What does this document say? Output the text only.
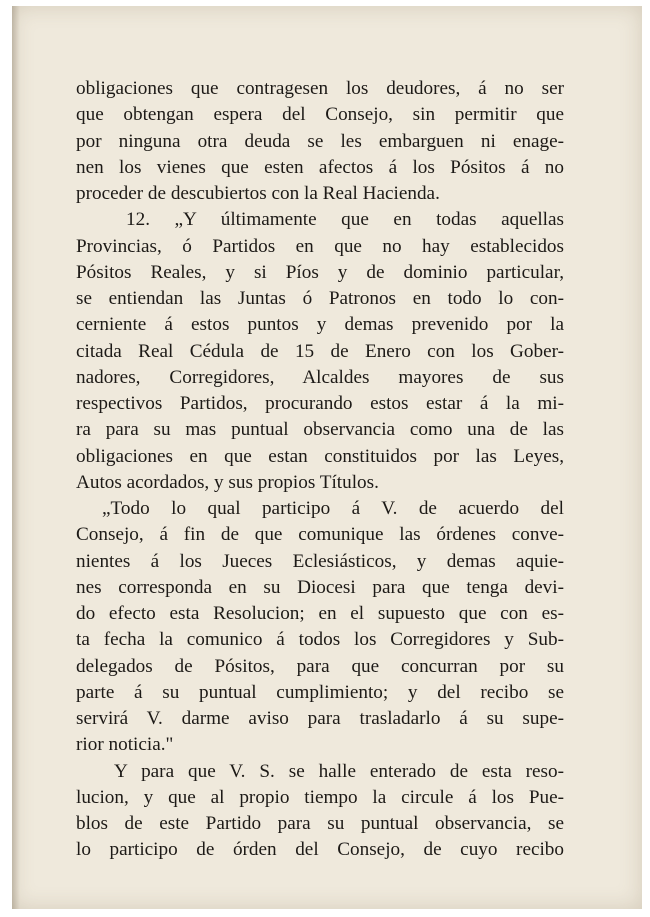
obligaciones que contragesen los deudores, á no ser
que obtengan espera del Consejo, sin permitir que
por ninguna otra deuda se les embarguen ni enage-
nen los vienes que esten afectos á los Pósitos á no
proceder de descubiertos con la Real Hacienda.
12. „Y últimamente que en todas aquellas
Provincias, ó Partidos en que no hay establecidos
Pósitos Reales, y si Píos y de dominio particular,
se entiendan las Juntas ó Patronos en todo lo con-
cerniente á estos puntos y demas prevenido por la
citada Real Cédula de 15 de Enero con los Gober-
nadores, Corregidores, Alcaldes mayores de sus
respectivos Partidos, procurando estos estar á la mi-
ra para su mas puntual observancia como una de las
obligaciones en que estan constituidos por las Leyes,
Autos acordados, y sus propios Títulos.
„Todo lo qual participo á V. de acuerdo del
Consejo, á fin de que comunique las órdenes conve-
nientes á los Jueces Eclesiásticos, y demas aquie-
nes corresponda en su Diocesi para que tenga devi-
do efecto esta Resolucion; en el supuesto que con es-
ta fecha la comunico á todos los Corregidores y Sub-
delegados de Pósitos, para que concurran por su
parte á su puntual cumplimiento; y del recibo se
servirá V. darme aviso para trasladarlo á su supe-
rior noticia."
Y para que V. S. se halle enterado de esta reso-
lucion, y que al propio tiempo la circule á los Pue-
blos de este Partido para su puntual observancia, se
lo participo de órden del Consejo, de cuyo recibo
